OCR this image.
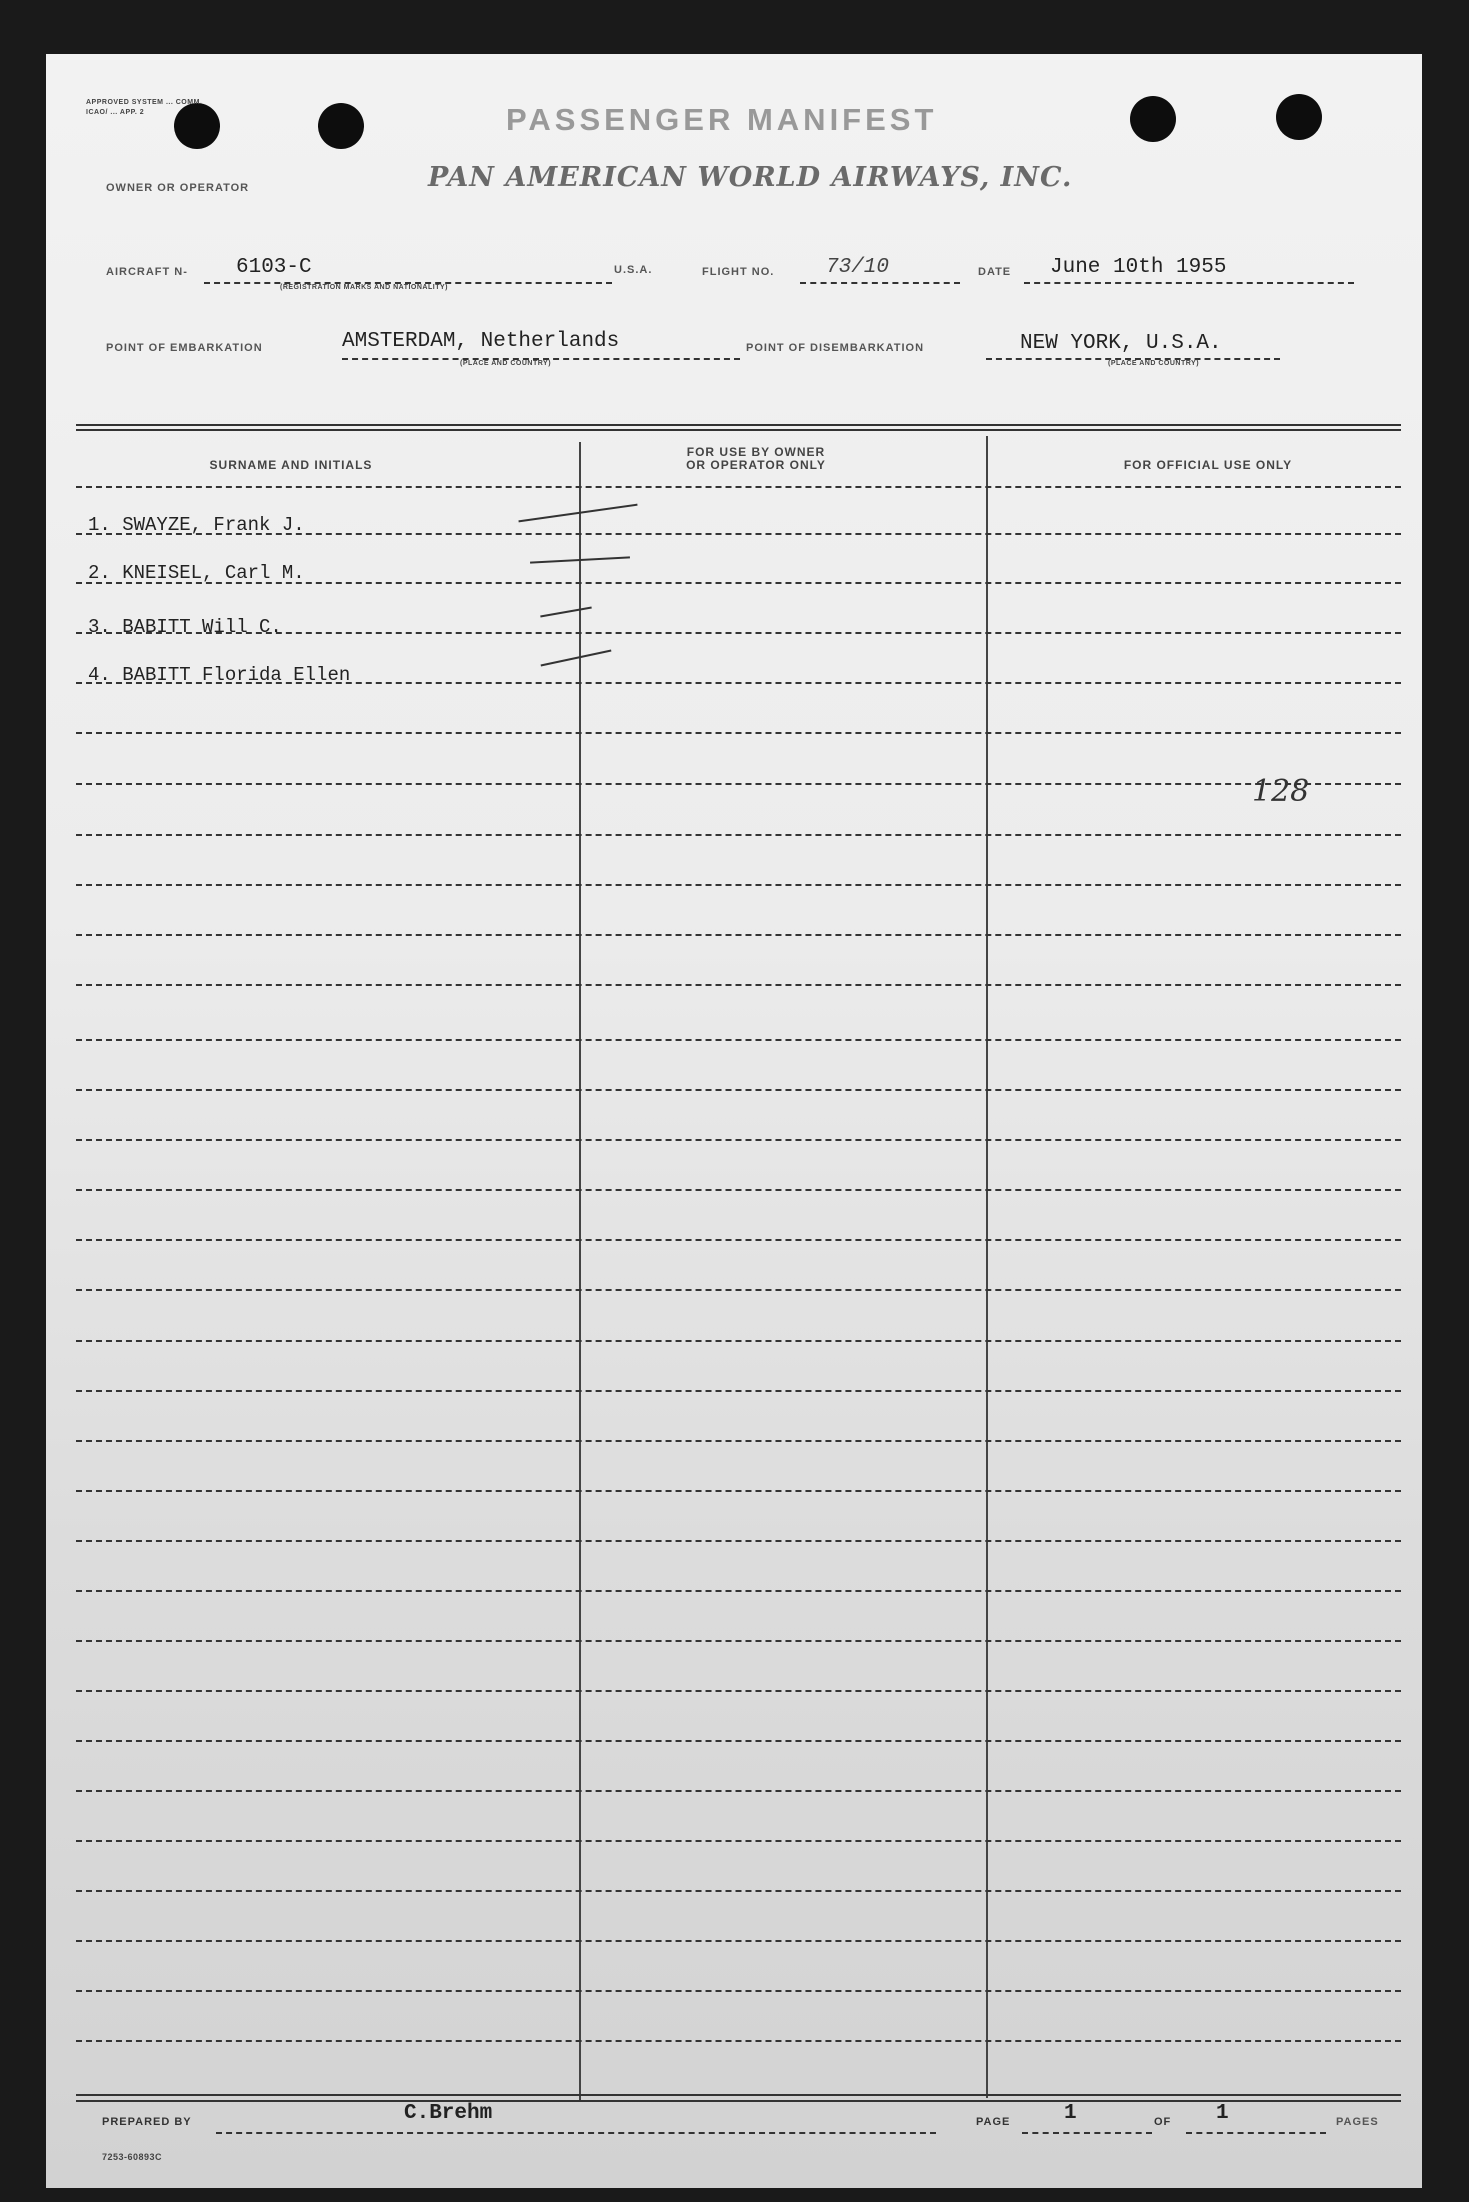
APPROVED SYSTEM ... COMM. ICAO/ ... APP. 2	PASSENGER MANIFEST
OWNER OR OPERATOR	PAN AMERICAN WORLD AIRWAYS, INC.
AIRCRAFT N- 6103-C
(REGISTRATION MARKS AND NATIONALITY)
U.S.A.	FLIGHT NO. 73/10	DATE June 10th 1955
POINT OF EMBARKATION	AMSTERDAM, Netherlands
(PLACE AND COUNTRY)
POINT OF DISEMBARKATION	NEW YORK, U.S.A.
(PLACE AND COUNTRY)
SURNAME AND INITIALS
FOR USE BY OWNER OR OPERATOR ONLY	FOR OFFICIAL USE ONLY
1. SWAYZE, Frank J.
2. KNEISEL, Carl M.
3. BABITT Will C.
4. BABITT Florida Ellen
128
PREPARED BY	C.Brehm	PAGE	1	OF 1	PAGES
7253-60893C
